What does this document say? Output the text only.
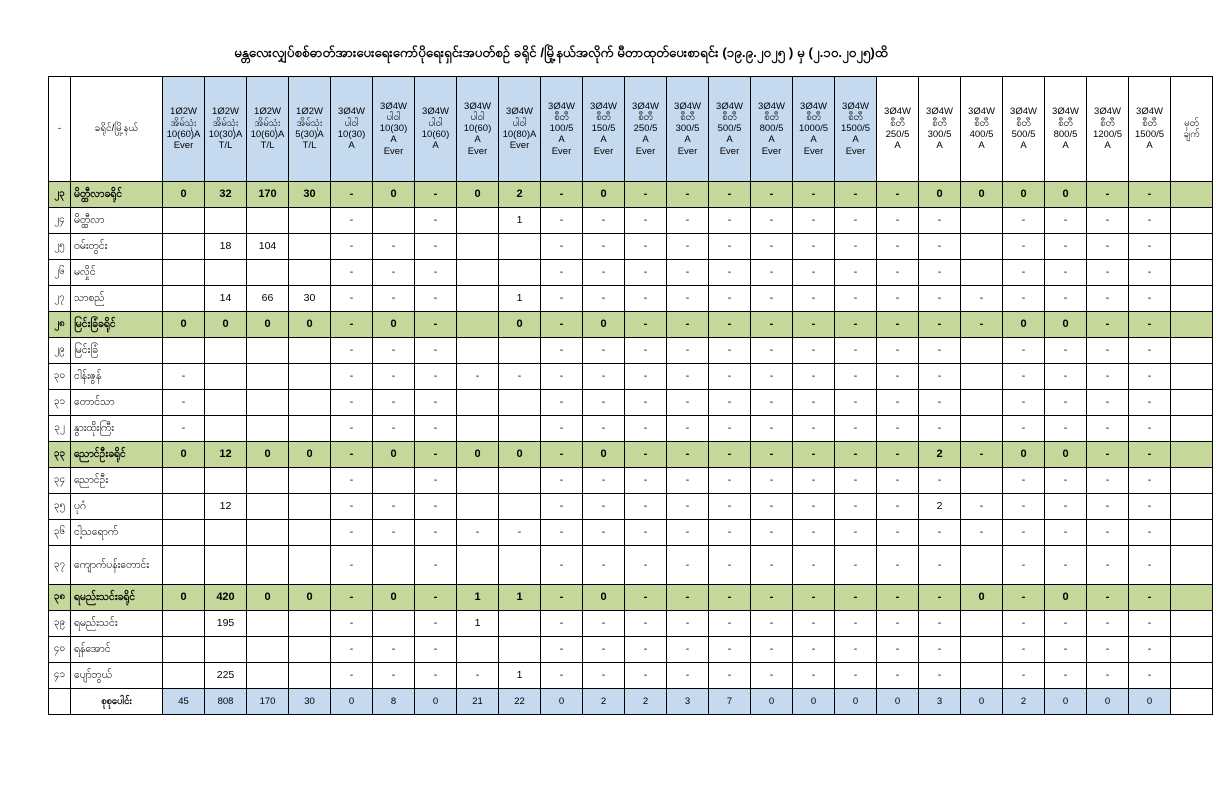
မန္တလေးလျှပ်စစ်ဓာတ်အားပေးရေးကော်ပိုရေးရှင်းအပတ်စဉ် ခရိုင် /မြို့နယ်အလိုက် မီတာထုတ်ပေးစာရင်း (၁၉.၉.၂၀၂၅ ) မှ (၂.၁၀.၂၀၂၅)ထိ
-	ခရိုင်/မြို့နယ်	1Ø2W
အိမ်သုံး
10(60)A
Ever	1Ø2W
အိမ်သုံး
10(30)A
T/L	1Ø2W
အိမ်သုံး
10(60)A
T/L	1Ø2W
အိမ်သုံး
5(30)A
T/L	3Ø4W
ပါဝါ
10(30)
A	3Ø4W
ပါဝါ
10(30)
A
Ever	3Ø4W
ပါဝါ
10(60)
A	3Ø4W
ပါဝါ
10(60)
A
Ever	3Ø4W
ပါဝါ
10(80)A
Ever	3Ø4W
စီတီ
100/5
A
Ever	3Ø4W
စီတီ
150/5
A
Ever	3Ø4W
စီတီ
250/5
A
Ever	3Ø4W
စီတီ
300/5
A
Ever	3Ø4W
စီတီ
500/5
A
Ever	3Ø4W
စီတီ
800/5
A
Ever	3Ø4W
စီတီ
1000/5
A
Ever	3Ø4W
စီတီ
1500/5
A
Ever	3Ø4W
စီတီ
250/5
A	3Ø4W
စီတီ
300/5
A	3Ø4W
စီတီ
400/5
A	3Ø4W
စီတီ
500/5
A	3Ø4W
စီတီ
800/5
A	3Ø4W
စီတီ
1200/5
A	3Ø4W
စီတီ
1500/5
A	မှတ်
ချက်

၂၃	မိတ္ထီလာခရိုင်	0	32	170	30	-	0	-	0	2	-	0	-	-	-	-	-	-	-	0	0	0	0	-	-	
၂၄	မိတ္ထီလာ					-		-		1	-	-	-	-	-	-	-	-	-	-		-	-	-	-	
၂၅	ဝမ်းတွင်း		18	104		-	-	-			-	-	-	-	-	-	-	-	-	-		-	-	-	-	
၂၆	မလှိုင်					-	-	-			-	-	-	-	-	-	-	-	-	-		-	-	-	-	
၂၇	သာစည်		14	66	30	-	-	-		1	-	-	-	-	-	-	-	-	-	-	-	-	-	-	-	
၂၈	မြင်းခြံခရိုင်	0	0	0	0	-	0	-		0	-	0	-	-	-	-	-	-	-	-	-	0	0	-	-	
၂၉	မြင်းခြံ					-	-	-			-	-	-	-	-	-	-	-	-	-		-	-	-	-	
၃၀	ငါန်းဇွန်	-				-	-	-	-	-	-	-	-	-	-	-	-	-	-	-		-	-	-	-	
၃၁	တောင်သာ	-				-	-	-			-	-	-	-	-	-	-	-	-	-		-	-	-	-	
၃၂	နွားထိုးကြီး	-				-	-	-			-	-	-	-	-	-	-	-	-	-		-	-	-	-	
၃၃	ညောင်ဦးခရိုင်	0	12	0	0	-	0	-	0	0	-	0	-	-	-	-	-	-	-	2	-	0	0	-	-	
၃၄	ညောင်ဦး					-		-			-	-	-	-	-	-	-	-	-	-		-	-	-	-	
၃၅	ပုဂံ		12			-	-	-			-	-	-	-	-	-	-	-	-	2	-	-	-	-	-	
၃၆	ငါ့သရောက်					-	-	-	-	-	-	-	-	-	-	-	-	-	-	-	-	-	-	-	-	
၃၇	ကျောက်ပန်းတောင်း					-		-			-	-	-	-	-	-	-	-	-	-		-	-	-	-	
၃၈	ရမည်းသင်းခရိုင်	0	420	0	0	-	0	-	1	1	-	0	-	-	-	-	-	-	-	-	0	-	0	-	-	
၃၉	ရမည်းသင်း		195			-		-	1		-	-	-	-	-	-	-	-	-	-		-	-	-	-	
၄၀	ရန်အောင်					-	-	-			-	-	-	-	-	-	-	-	-	-		-	-	-	-	
၄၁	ပျော်ဘွယ်		225			-	-	-	-	1	-	-	-	-	-	-	-	-	-	-		-	-	-	-	
	စုစုပေါင်း	45	808	170	30	0	8	0	21	22	0	2	2	3	7	0	0	0	0	3	0	2	0	0	0	
